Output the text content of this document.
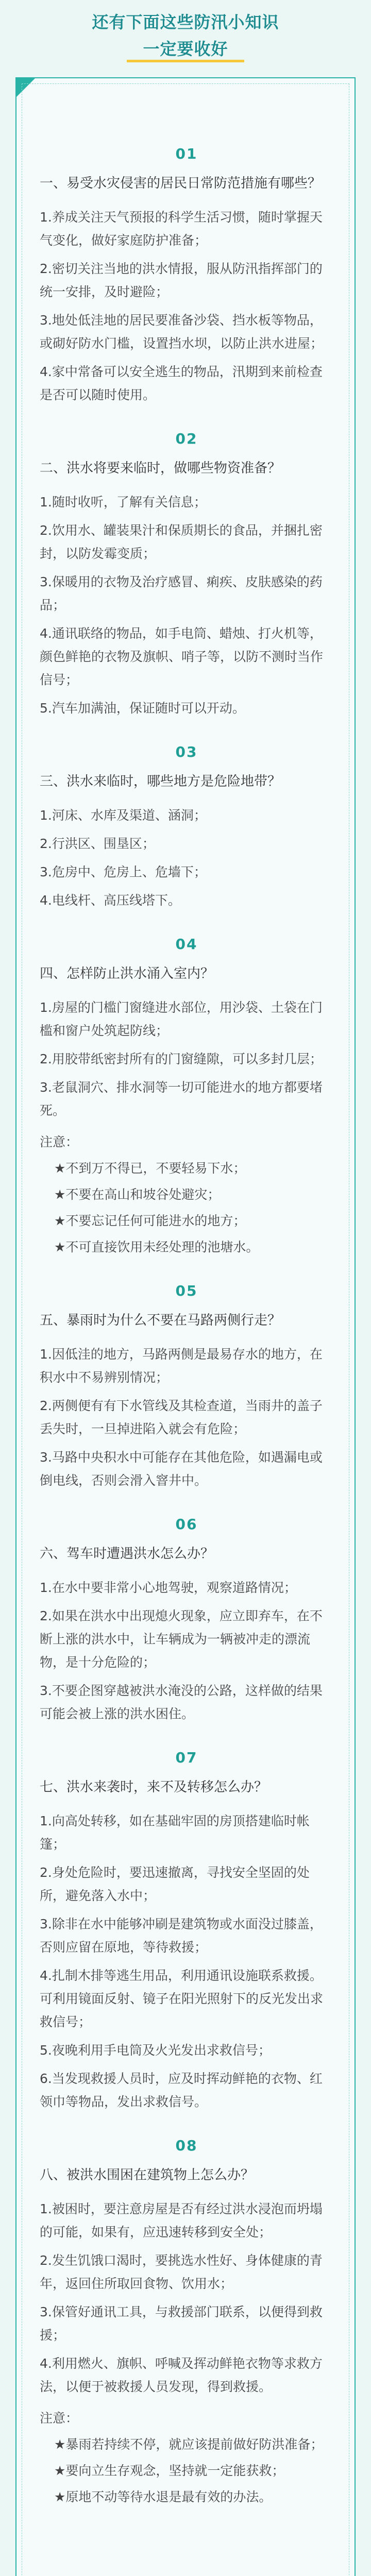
还有下面这些防汛小知识
一定要收好
01
一、易受水灾侵害的居民日常防范措施有哪些？
1.养成关注天气预报的科学生活习惯，随时掌握天气变化，做好家庭防护准备；
2.密切关注当地的洪水情报，服从防汛指挥部门的统一安排，及时避险；
3.地处低洼地的居民要准备沙袋、挡水板等物品，或砌好防水门槛，设置挡水坝，以防止洪水进屋；
4.家中常备可以安全逃生的物品，汛期到来前检查是否可以随时使用。
02
二、洪水将要来临时，做哪些物资准备？
1.随时收听，了解有关信息；
2.饮用水、罐装果汁和保质期长的食品，并捆扎密封，以防发霉变质；
3.保暖用的衣物及治疗感冒、痢疾、皮肤感染的药品；
4.通讯联络的物品，如手电筒、蜡烛、打火机等，颜色鲜艳的衣物及旗帜、哨子等，以防不测时当作信号；
5.汽车加满油，保证随时可以开动。
03
三、洪水来临时，哪些地方是危险地带？
1.河床、水库及渠道、涵洞；
2.行洪区、围垦区；
3.危房中、危房上、危墙下；
4.电线杆、高压线塔下。
04
四、怎样防止洪水涌入室内？
1.房屋的门槛门窗缝进水部位，用沙袋、土袋在门槛和窗户处筑起防线；
2.用胶带纸密封所有的门窗缝隙，可以多封几层；
3.老鼠洞穴、排水洞等一切可能进水的地方都要堵死。
注意：
★不到万不得已，不要轻易下水；
★不要在高山和坡谷处避灾；
★不要忘记任何可能进水的地方；
★不可直接饮用未经处理的池塘水。
05
五、暴雨时为什么不要在马路两侧行走？
1.因低洼的地方，马路两侧是最易存水的地方，在积水中不易辨别情况；
2.两侧便有有下水管线及其检查道，当雨井的盖子丢失时，一旦掉进陷入就会有危险；
3.马路中央积水中可能存在其他危险，如遇漏电或倒电线，否则会滑入窨井中。
06
六、驾车时遭遇洪水怎么办？
1.在水中要非常小心地驾驶，观察道路情况；
2.如果在洪水中出现熄火现象，应立即弃车，在不断上涨的洪水中，让车辆成为一辆被冲走的漂流物，是十分危险的；
3.不要企图穿越被洪水淹没的公路，这样做的结果可能会被上涨的洪水困住。
07
七、洪水来袭时，来不及转移怎么办？
1.向高处转移，如在基础牢固的房顶搭建临时帐篷；
2.身处危险时，要迅速撤离，寻找安全坚固的处所，避免落入水中；
3.除非在水中能够冲刷是建筑物或水面没过膝盖，否则应留在原地，等待救援；
4.扎制木排等逃生用品，利用通讯设施联系救援。可利用镜面反射、镜子在阳光照射下的反光发出求救信号；
5.夜晚利用手电筒及火光发出求救信号；
6.当发现救援人员时，应及时挥动鲜艳的衣物、红领巾等物品，发出求救信号。
08
八、被洪水围困在建筑物上怎么办？
1.被困时，要注意房屋是否有经过洪水浸泡而坍塌的可能，如果有，应迅速转移到安全处；
2.发生饥饿口渴时，要挑选水性好、身体健康的青年，返回住所取回食物、饮用水；
3.保管好通讯工具，与救援部门联系，以便得到救援；
4.利用燃火、旗帜、呼喊及挥动鲜艳衣物等求救方法，以便于被救援人员发现，得到救援。
注意：
★暴雨若持续不停，就应该提前做好防洪准备；
★要向立生存观念，坚持就一定能获救；
★原地不动等待水退是最有效的办法。
